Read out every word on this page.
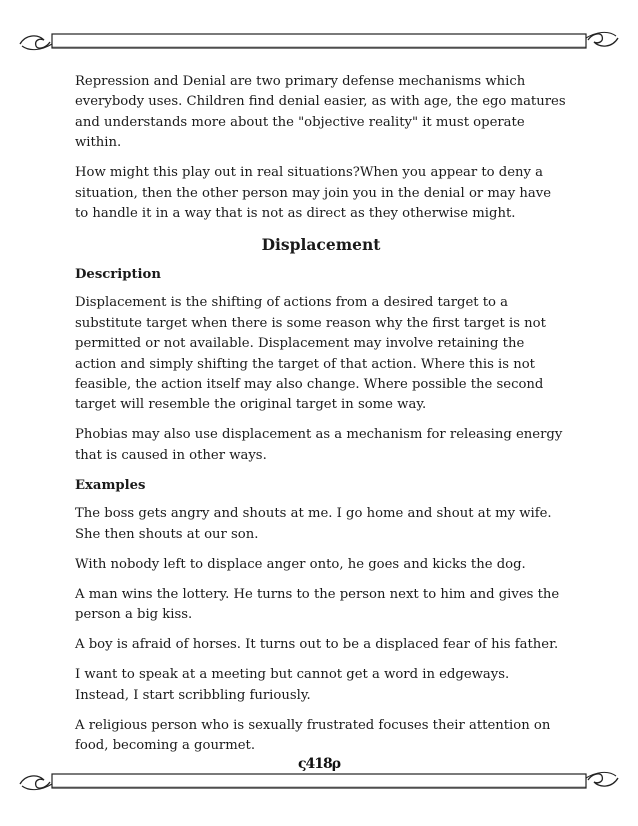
Repression and Denial are two primary defense mechanisms which everybody uses. Children find denial easier, as with age, the ego matures and understands more about the "objective reality" it must operate within.

How might this play out in real situations?When you appear to deny a situation, then the other person may join you in the denial or may have to handle it in a way that is not as direct as they otherwise might.

Displacement
Description

Displacement is the shifting of actions from a desired target to a substitute target when there is some reason why the first target is not permitted or not available. Displacement may involve retaining the action and simply shifting the target of that action. Where this is not feasible, the action itself may also change. Where possible the second target will resemble the original target in some way.

Phobias may also use displacement as a mechanism for releasing energy that is caused in other ways.

Examples

The boss gets angry and shouts at me. I go home and shout at my wife. She then shouts at our son.

With nobody left to displace anger onto, he goes and kicks the dog.

A man wins the lottery. He turns to the person next to him and gives the person a big kiss.

A boy is afraid of horses. It turns out to be a displaced fear of his father.

I want to speak at a meeting but cannot get a word in edgeways. Instead, I start scribbling furiously.

A religious person who is sexually frustrated focuses their attention on food, becoming a gourmet.

ς418ρ
